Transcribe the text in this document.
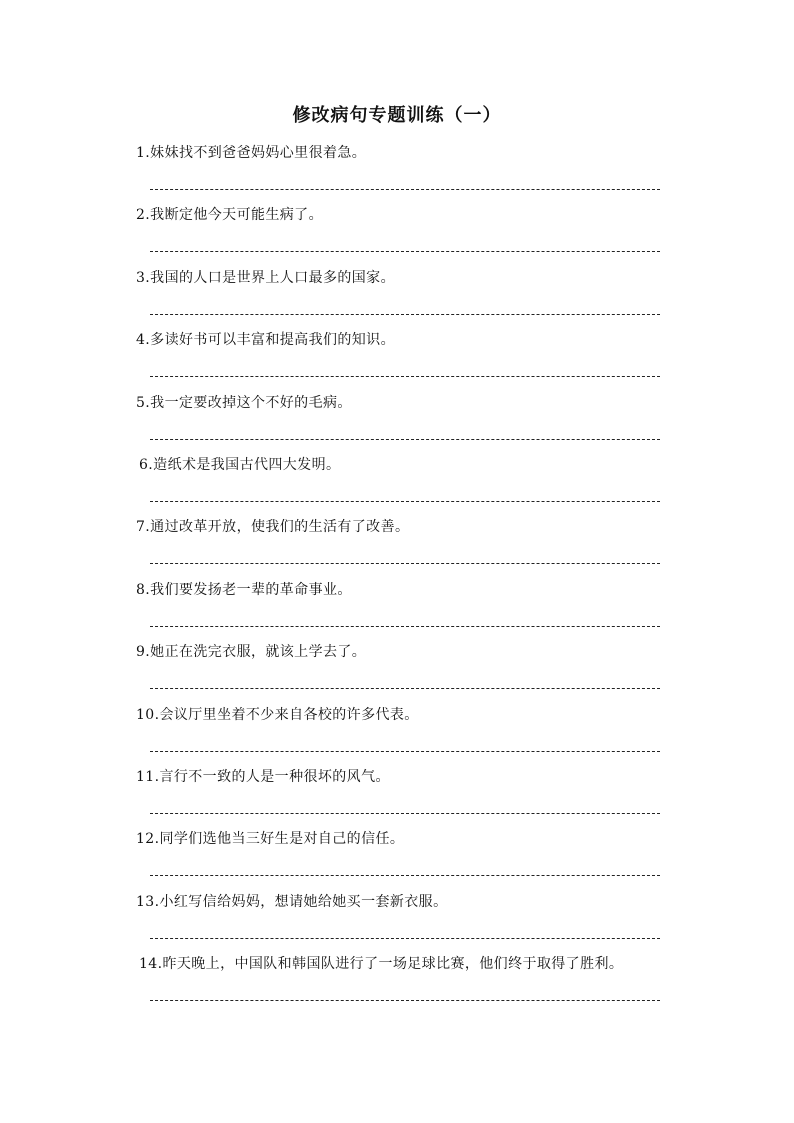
修改病句专题训练（一）
1.妹妹找不到爸爸妈妈心里很着急。
2.我断定他今天可能生病了。
3.我国的人口是世界上人口最多的国家。
4.多读好书可以丰富和提高我们的知识。
5.我一定要改掉这个不好的毛病。
6.造纸术是我国古代四大发明。
7.通过改革开放，使我们的生活有了改善。
8.我们要发扬老一辈的革命事业。
9.她正在洗完衣服，就该上学去了。
10.会议厅里坐着不少来自各校的许多代表。
11.言行不一致的人是一种很坏的风气。
12.同学们选他当三好生是对自己的信任。
13.小红写信给妈妈，想请她给她买一套新衣服。
14.昨天晚上，中国队和韩国队进行了一场足球比赛，他们终于取得了胜利。
